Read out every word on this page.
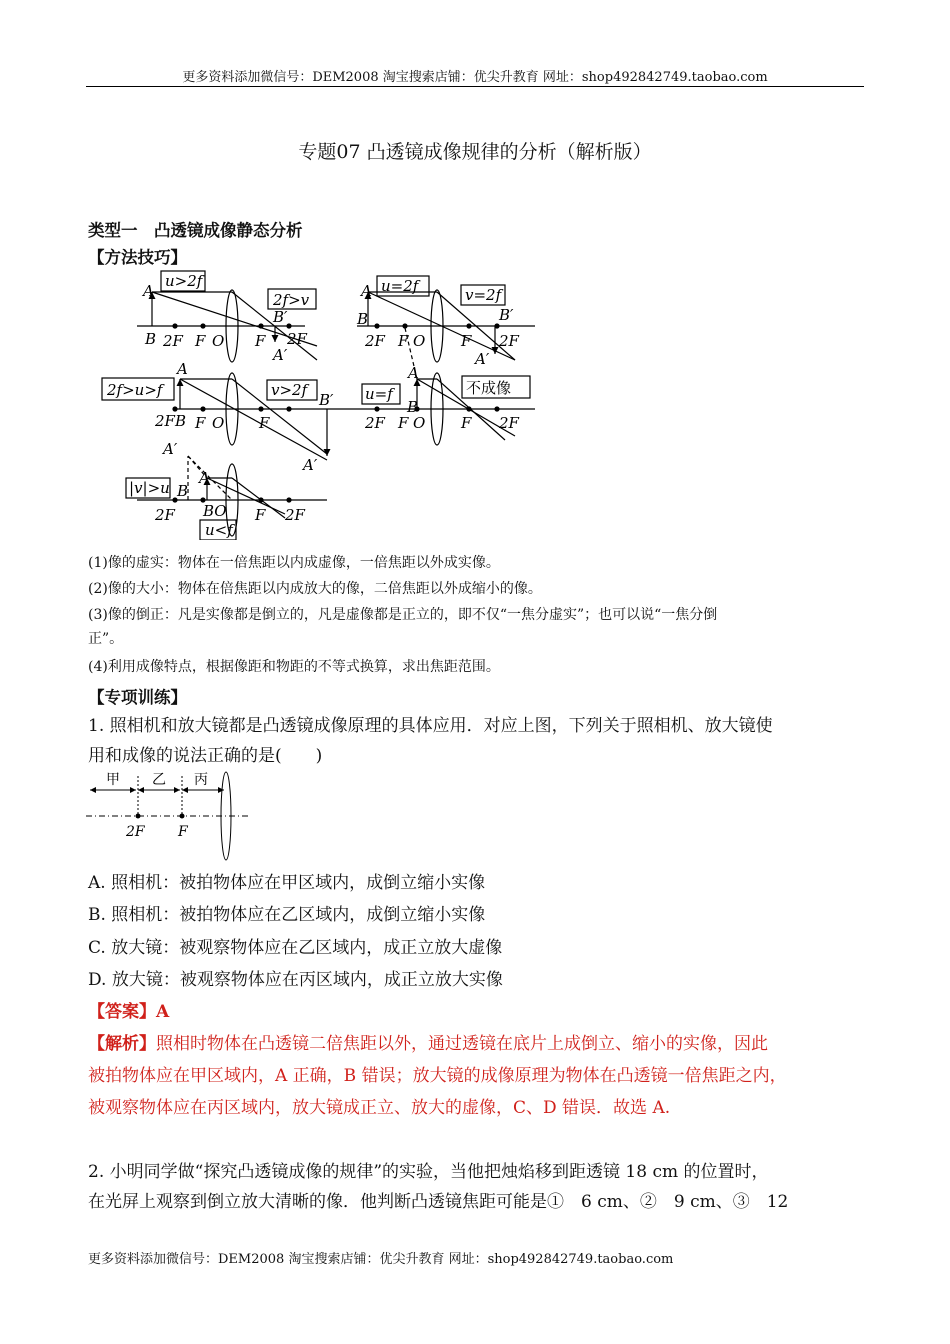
更多资料添加微信号：DEM2008 淘宝搜索店铺：优尖升教育 网址：shop492842749.taobao.com
专题07 凸透镜成像规律的分析（解析版）
类型一　凸透镜成像静态分析
【方法技巧】
u>2f
2f>v
A
B 2F F O F
B′
2F
A′
u=2f	v=2f
A
B
2F F O F
B′
2F
A′
2f>u>f	v>2f
A
2FB F O F
B′
A′
u=f	不成像
A
B
2F F O F 2F
A′
|v|>u
A
B
2F BO F 2F
u<f
(1)像的虚实：物体在一倍焦距以内成虚像，一倍焦距以外成实像。
(2)像的大小：物体在倍焦距以内成放大的像，二倍焦距以外成缩小的像。
(3)像的倒正：凡是实像都是倒立的，凡是虚像都是正立的，即不仅“一焦分虚实”；也可以说“一焦分倒
正”。
(4)利用成像特点，根据像距和物距的不等式换算，求出焦距范围。
【专项训练】
1. 照相机和放大镜都是凸透镜成像原理的具体应用．对应上图，下列关于照相机、放大镜使
用和成像的说法正确的是(　　)
甲 乙 丙
2F F
A. 照相机：被拍物体应在甲区域内，成倒立缩小实像
B. 照相机：被拍物体应在乙区域内，成倒立缩小实像
C. 放大镜：被观察物体应在乙区域内，成正立放大虚像
D. 放大镜：被观察物体应在丙区域内，成正立放大实像
【答案】A
【解析】照相时物体在凸透镜二倍焦距以外，通过透镜在底片上成倒立、缩小的实像，因此
被拍物体应在甲区域内，A 正确，B 错误；放大镜的成像原理为物体在凸透镜一倍焦距之内，
被观察物体应在丙区域内，放大镜成正立、放大的虚像，C、D 错误．故选 A.
2. 小明同学做“探究凸透镜成像的规律”的实验，当他把烛焰移到距透镜 18 cm 的位置时，
在光屏上观察到倒立放大清晰的像．他判断凸透镜焦距可能是①　6 cm、②　9 cm、③　12
更多资料添加微信号：DEM2008 淘宝搜索店铺：优尖升教育 网址：shop492842749.taobao.com
